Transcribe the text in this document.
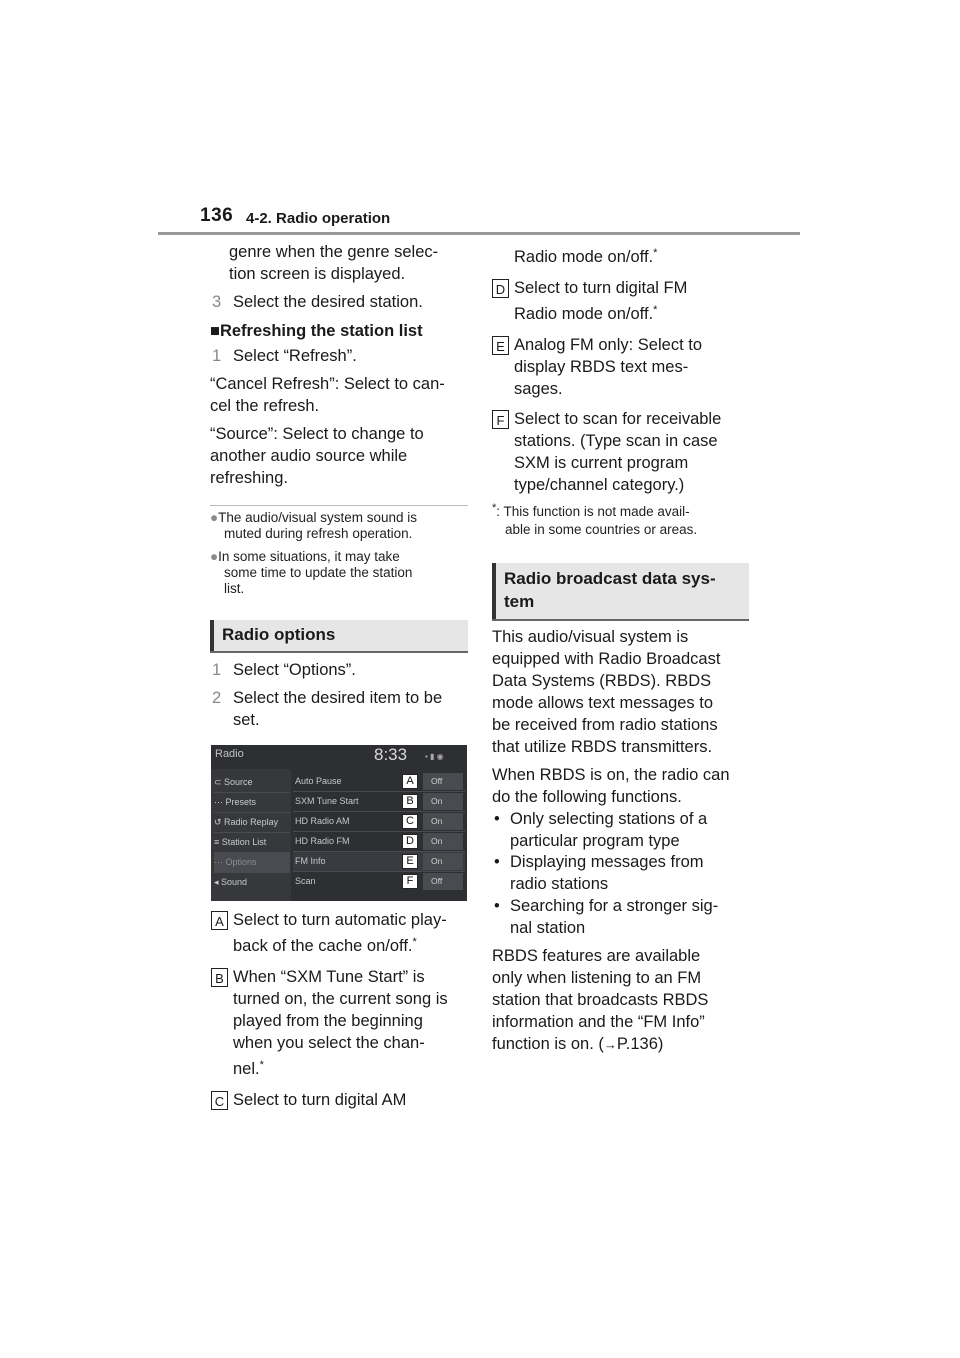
136 4-2. Radio operation
genre when the genre selec-
tion screen is displayed.
3 Select the desired station.
■Refreshing the station list
1 Select “Refresh”.
“Cancel Refresh”: Select to can-
cel the refresh.
“Source”: Select to change to
another audio source while
refreshing.
●The audio/visual system sound is
muted during refresh operation.
●In some situations, it may take
some time to update the station
list.
Radio options
1 Select “Options”.
2 Select the desired item to be
set.
Radio	8:33 ▪ ▮ ◉
⊂ Source
⋯ Presets
↺ Radio Replay
≡ Station List
⋯ Options
◂ Sound
Auto Pause	A	Off
SXM Tune Start	B	On
HD Radio AM	C	On
HD Radio FM	D	On
FM Info	E	On
Scan	F	Off
A Select to turn automatic play-
back of the cache on/off.*
B When “SXM Tune Start” is
turned on, the current song is
played from the beginning
when you select the chan-
nel.*
C Select to turn digital AM
Radio mode on/off.*
D Select to turn digital FM
Radio mode on/off.*
E Analog FM only: Select to
display RBDS text mes-
sages.
F Select to scan for receivable
stations. (Type scan in case
SXM is current program
type/channel category.)
*: This function is not made avail-
able in some countries or areas.
Radio broadcast data sys-
tem
This audio/visual system is
equipped with Radio Broadcast
Data Systems (RBDS). RBDS
mode allows text messages to
be received from radio stations
that utilize RBDS transmitters.
When RBDS is on, the radio can
do the following functions.
• Only selecting stations of a
particular program type
• Displaying messages from
radio stations
• Searching for a stronger sig-
nal station
RBDS features are available
only when listening to an FM
station that broadcasts RBDS
information and the “FM Info”
function is on. (→P.136)
